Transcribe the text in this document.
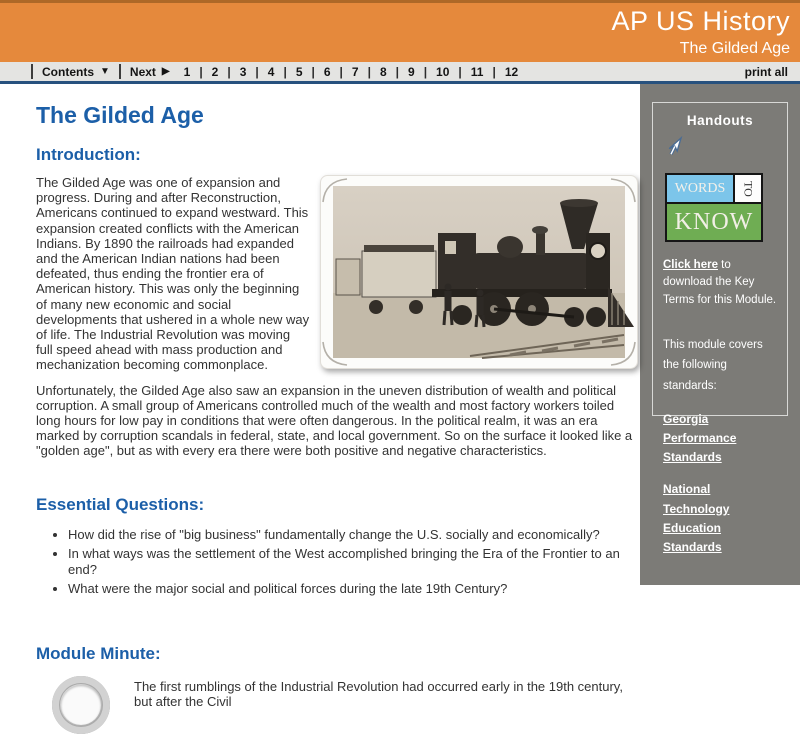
AP US History
The Gilded Age
Contents ▼ Next ▶ 1 |	2 |	3 |	4 |	5 |	6 |	7 |	8 |	9 |	10 |	11 |	12	print all
The Gilded Age
Introduction:

The Gilded Age was one of expansion and progress. During and after Reconstruction, Americans continued to expand westward. This expansion created conflicts with the American Indians. By 1890 the railroads had expanded and the American Indian nations had been defeated, thus ending the frontier era of American history. This was only the beginning of many new economic and social developments that ushered in a whole new way of life. The Industrial Revolution was moving full speed ahead with mass production and mechanization becoming commonplace.

Unfortunately, the Gilded Age also saw an expansion in the uneven distribution of wealth and political corruption. A small group of Americans controlled much of the wealth and most factory workers toiled long hours for low pay in conditions that were often dangerous. In the political realm, it was an era marked by corruption scandals in federal, state, and local government. So on the surface it looked like a "golden age", but as with every era there were both positive and negative characteristics.

Essential Questions:
• How did the rise of "big business" fundamentally change the U.S. socially and economically?
• In what ways was the settlement of the West accomplished bringing the Era of the Frontier to an end?
• What were the major social and political forces during the late 19th Century?
Module Minute:

The first rumblings of the Industrial Revolution had occurred early in the 19th century, but after the Civil

Handouts
WORDS	TO
KNOW

Click here to download the Key Terms for this Module.

This module covers the following standards:

Georgia Performance Standards
National Technology Education Standards
